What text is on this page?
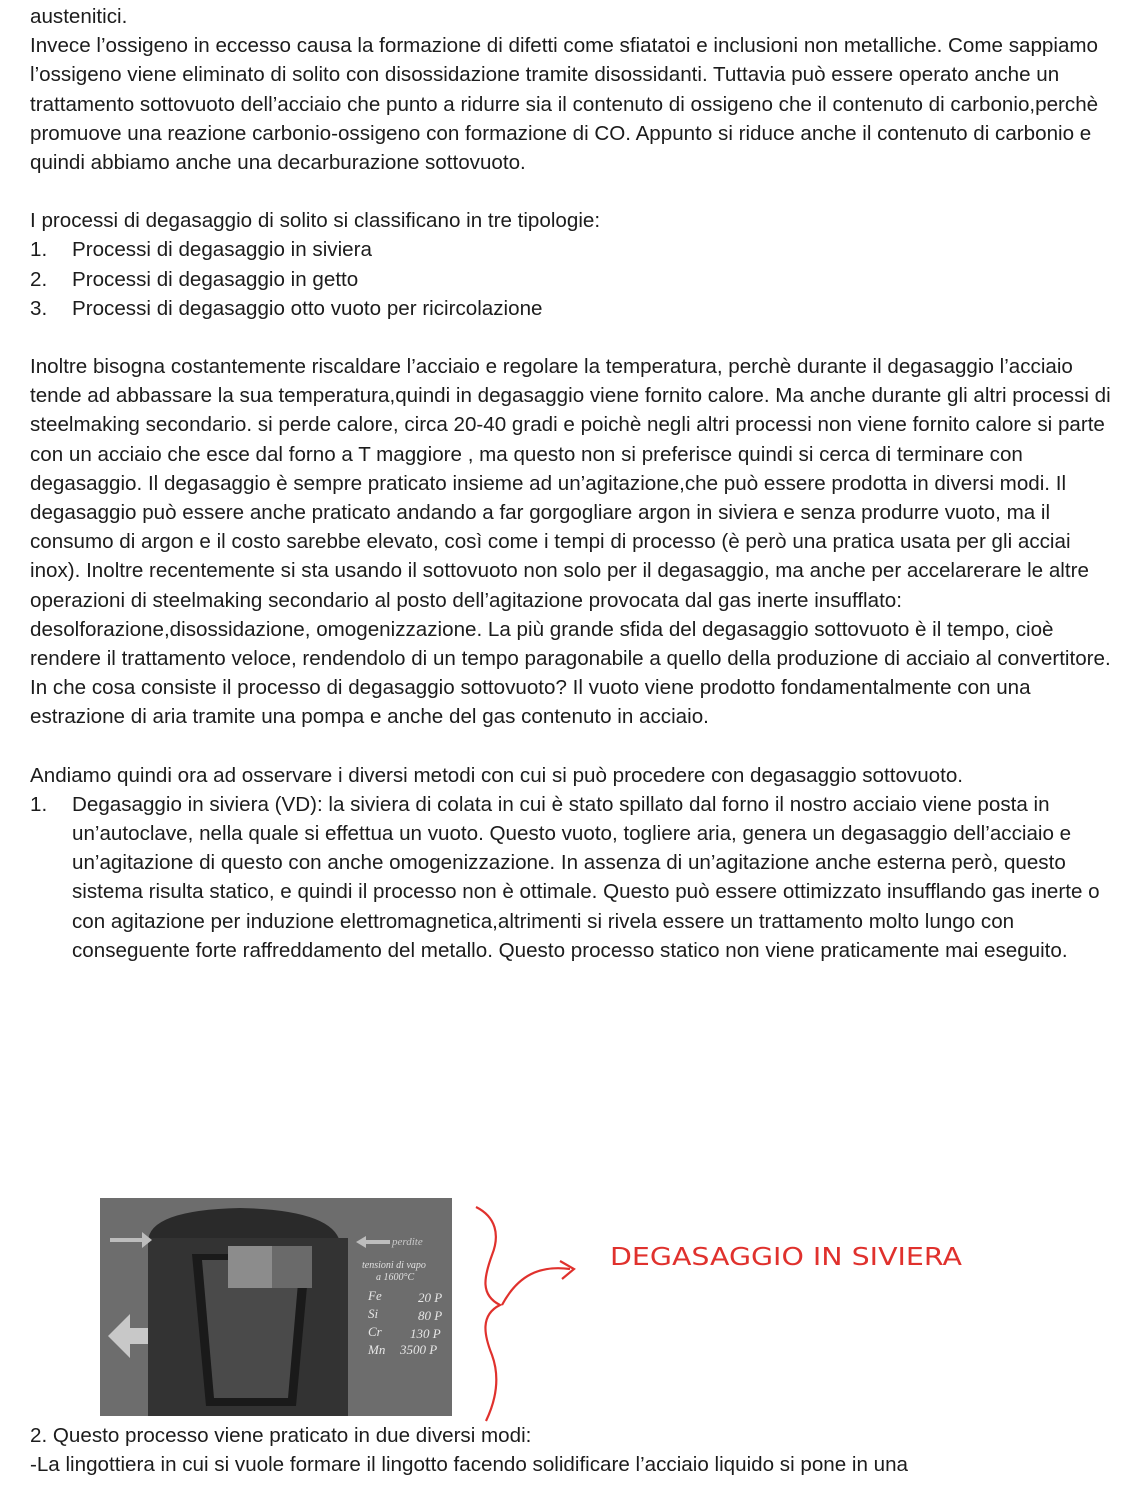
austenitici.

Invece l’ossigeno in eccesso causa la formazione di difetti come sfiatatoi e inclusioni non metalliche. Come sappiamo l’ossigeno viene eliminato di solito con disossidazione tramite disossidanti. Tuttavia può essere operato anche un trattamento sottovuoto dell’acciaio che punto a ridurre sia il contenuto di ossigeno che il contenuto di carbonio,perchè promuove una reazione carbonio-ossigeno con formazione di CO. Appunto si riduce anche il contenuto di carbonio e quindi abbiamo anche una decarburazione sottovuoto.

I processi di degasaggio di solito si classificano in tre tipologie:

1. Processi di degasaggio in siviera
2. Processi di degasaggio in getto
3. Processi di degasaggio otto vuoto per ricircolazione

Inoltre bisogna costantemente riscaldare l’acciaio e regolare la temperatura, perchè durante il degasaggio l’acciaio tende ad abbassare la sua temperatura,quindi in degasaggio viene fornito calore. Ma anche durante gli altri processi di steelmaking secondario. si perde calore, circa 20-40 gradi e poichè negli altri processi non viene fornito calore si parte con un acciaio che esce dal forno a T maggiore , ma questo non si preferisce quindi si cerca di terminare con degasaggio. Il degasaggio è sempre praticato insieme ad un’agitazione,che può essere prodotta in diversi modi. Il degasaggio può essere anche praticato andando a far gorgogliare argon in siviera e senza produrre vuoto, ma il consumo di argon e il costo sarebbe elevato, così come i tempi di processo (è però una pratica usata per gli acciai inox). Inoltre recentemente si sta usando il sottovuoto non solo per il degasaggio, ma anche per accelarerare le altre operazioni di steelmaking secondario al posto dell’agitazione provocata dal gas inerte insufflato: desolforazione,disossidazione, omogenizzazione. La più grande sfida del degasaggio sottovuoto è il tempo, cioè rendere il trattamento veloce, rendendolo di un tempo paragonabile a quello della produzione di acciaio al convertitore. In che cosa consiste il processo di degasaggio sottovuoto? Il vuoto viene prodotto fondamentalmente con una estrazione di aria tramite una pompa e anche del gas contenuto in acciaio.

Andiamo quindi ora ad osservare i diversi metodi con cui si può procedere con degasaggio sottovuoto.

1. Degasaggio in siviera (VD): la siviera di colata in cui è stato spillato dal forno il nostro acciaio viene posta in un’autoclave, nella quale si effettua un vuoto. Questo vuoto, togliere aria, genera un degasaggio dell’acciaio e un’agitazione di questo con anche omogenizzazione. In assenza di un’agitazione anche esterna però, questo sistema risulta statico, e quindi il processo non è ottimale. Questo può essere ottimizzato insufflando gas inerte o con agitazione per induzione elettromagnetica,altrimenti si rivela essere un trattamento molto lungo con conseguente forte raffreddamento del metallo. Questo processo statico non viene praticamente mai eseguito.
perdite
tensioni di vapo
a 1600°C
Fe	20 P
Si	80 P
Cr 130 P
Mn 3500 P
DEGASAGGIO IN SIVIERA

2. Questo processo viene praticato in due diversi modi:

-La lingottiera in cui si vuole formare il lingotto facendo solidificare l’acciaio liquido si pone in una
